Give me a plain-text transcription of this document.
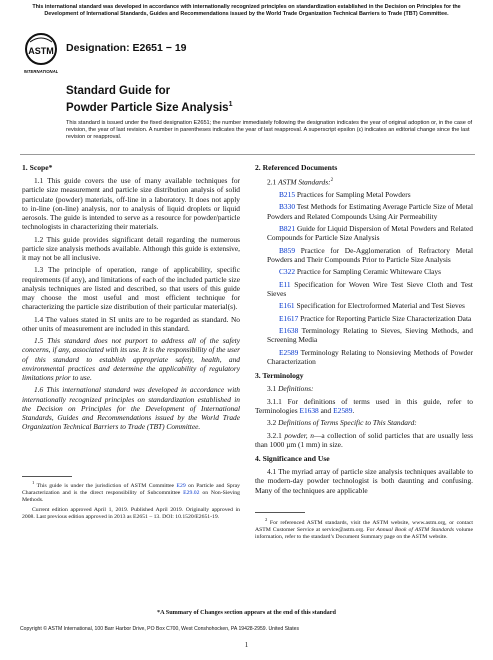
This international standard was developed in accordance with internationally recognized principles on standardization established in the Decision on Principles for the Development of International Standards, Guides and Recommendations issued by the World Trade Organization Technical Barriers to Trade (TBT) Committee.
ASTM
INTERNATIONAL
Designation: E2651 − 19
Standard Guide for
Powder Particle Size Analysis$^1$
This standard is issued under the fixed designation E2651; the number immediately following the designation indicates the year of original adoption or, in the case of revision, the year of last revision. A number in parentheses indicates the year of last reapproval. A superscript epsilon (ε) indicates an editorial change since the last revision or reapproval.
1. Scope*

1.1 This guide covers the use of many available techniques for particle size measurement and particle size distribution analysis of solid particulate (powder) materials, off-line in a laboratory. It does not apply to in-line (on-line) analysis, nor to analysis of liquid droplets or liquid aerosols. The guide is intended to serve as a resource for powder/particle technologists in characterizing their materials.

1.2 This guide provides significant detail regarding the numerous particle size analysis methods available. Although this guide is extensive, it may not be all inclusive.

1.3 The principle of operation, range of applicability, specific requirements (if any), and limitations of each of the included particle size analysis techniques are listed and described, so that users of this guide may choose the most useful and most efficient technique for characterizing the particle size distribution of their particular material(s).

1.4 The values stated in SI units are to be regarded as standard. No other units of measurement are included in this standard.

1.5 This standard does not purport to address all of the safety concerns, if any, associated with its use. It is the responsibility of the user of this standard to establish appropriate safety, health, and environmental practices and determine the applicability of regulatory limitations prior to use.

1.6 This international standard was developed in accordance with internationally recognized principles on standardization established in the Decision on Principles for the Development of International Standards, Guides and Recommendations issued by the World Trade Organization Technical Barriers to Trade (TBT) Committee.

2. Referenced Documents

2.1 ASTM Standards:$^2$

B215 Practices for Sampling Metal Powders

B330 Test Methods for Estimating Average Particle Size of Metal Powders and Related Compounds Using Air Permeability

B821 Guide for Liquid Dispersion of Metal Powders and Related Compounds for Particle Size Analysis

B859 Practice for De-Agglomeration of Refractory Metal Powders and Their Compounds Prior to Particle Size Analysis

C322 Practice for Sampling Ceramic Whiteware Clays

E11 Specification for Woven Wire Test Sieve Cloth and Test Sieves

E161 Specification for Electroformed Material and Test Sieves

E1617 Practice for Reporting Particle Size Characterization Data

E1638 Terminology Relating to Sieves, Sieving Methods, and Screening Media

E2589 Terminology Relating to Nonsieving Methods of Powder Characterization

3. Terminology

3.1 Definitions:

3.1.1 For definitions of terms used in this guide, refer to Terminologies E1638 and E2589.

3.2 Definitions of Terms Specific to This Standard:

3.2.1 powder, n—a collection of solid particles that are usually less than 1000 µm (1 mm) in size.

4. Significance and Use

4.1 The myriad array of particle size analysis techniques available to the modern-day powder technologist is both daunting and confusing. Many of the techniques are applicable

$^1$ This guide is under the jurisdiction of ASTM Committee E29 on Particle and Spray Characterization and is the direct responsibility of Subcommittee E29.02 on Non-Sieving Methods.

Current edition approved April 1, 2019. Published April 2019. Originally approved in 2008. Last previous edition approved in 2013 as E2651 – 13. DOI: 10.1520/E2651-19.	$^2$ For referenced ASTM standards, visit the ASTM website, www.astm.org, or contact ASTM Customer Service at service@astm.org. For Annual Book of ASTM Standards volume information, refer to the standard’s Document Summary page on the ASTM website.

*A Summary of Changes section appears at the end of this standard
Copyright © ASTM International, 100 Barr Harbor Drive, PO Box C700, West Conshohocken, PA 19428-2959. United States
1
